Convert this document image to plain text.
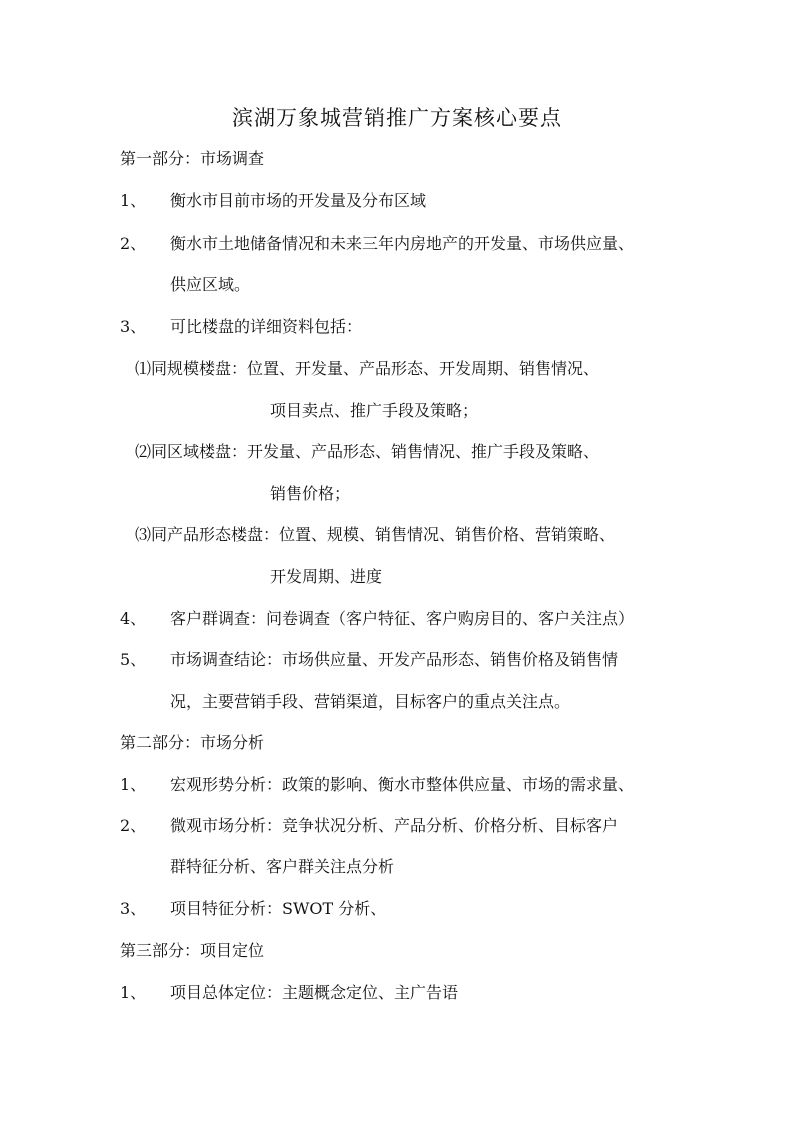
滨湖万象城营销推广方案核心要点
第一部分：市场调查
1、 衡水市目前市场的开发量及分布区域
2、 衡水市土地储备情况和未来三年内房地产的开发量、市场供应量、
供应区域。
3、 可比楼盘的详细资料包括：
⑴同规模楼盘：位置、开发量、产品形态、开发周期、销售情况、
项目卖点、推广手段及策略；
⑵同区域楼盘：开发量、产品形态、销售情况、推广手段及策略、
销售价格；
⑶同产品形态楼盘：位置、规模、销售情况、销售价格、营销策略、
开发周期、进度
4、 客户群调查：问卷调查（客户特征、客户购房目的、客户关注点）
5、 市场调查结论：市场供应量、开发产品形态、销售价格及销售情
况，主要营销手段、营销渠道，目标客户的重点关注点。
第二部分：市场分析
1、 宏观形势分析：政策的影响、衡水市整体供应量、市场的需求量、
2、 微观市场分析：竞争状况分析、产品分析、价格分析、目标客户
群特征分析、客户群关注点分析
3、 项目特征分析：SWOT 分析、
第三部分：项目定位
1、 项目总体定位：主题概念定位、主广告语
